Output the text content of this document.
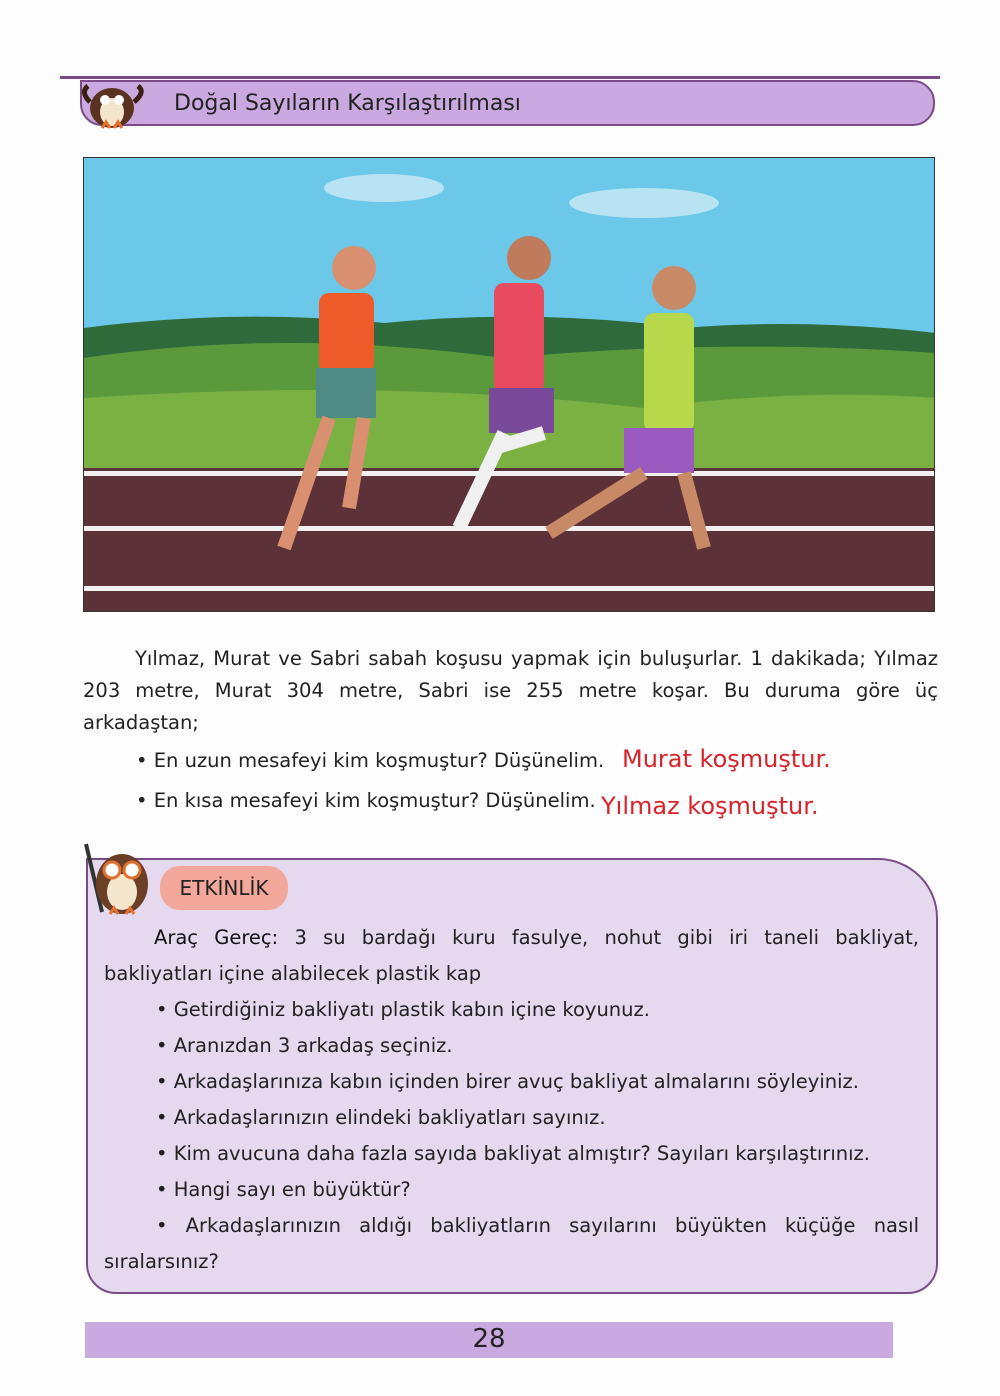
Doğal Sayıların Karşılaştırılması
Yılmaz, Murat ve Sabri sabah koşusu yapmak için buluşurlar. 1 dakikada; Yılmaz 203 metre, Murat 304 metre, Sabri ise 255 metre koşar. Bu duruma göre üç arkadaştan;
• En uzun mesafeyi kim koşmuştur? Düşünelim. Murat koşmuştur.
• En kısa mesafeyi kim koşmuştur? Düşünelim. Yılmaz koşmuştur.
ETKİNLİK
Araç Gereç: 3 su bardağı kuru fasulye, nohut gibi iri taneli bakliyat, bakliyatları içine alabilecek plastik kap
• Getirdiğiniz bakliyatı plastik kabın içine koyunuz.
• Aranızdan 3 arkadaş seçiniz.
• Arkadaşlarınıza kabın içinden birer avuç bakliyat almalarını söyleyiniz.
• Arkadaşlarınızın elindeki bakliyatları sayınız.
• Kim avucuna daha fazla sayıda bakliyat almıştır? Sayıları karşılaştırınız.
• Hangi sayı en büyüktür?
• Arkadaşlarınızın aldığı bakliyatların sayılarını büyükten küçüğe nasıl sıralarsınız?
28
